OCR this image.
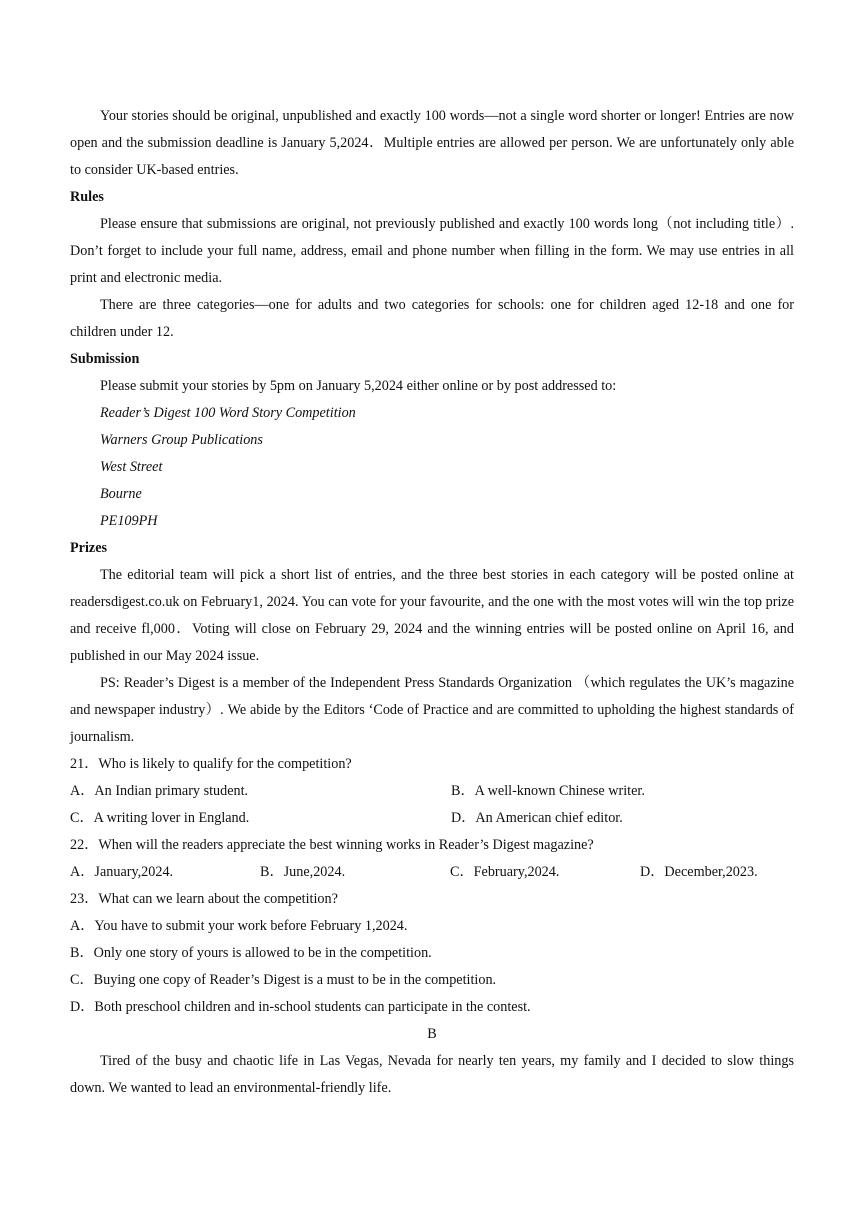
Your stories should be original, unpublished and exactly 100 words—not a single word shorter or longer! Entries are now open and the submission deadline is January 5,2024．Multiple entries are allowed per person. We are unfortunately only able to consider UK-based entries.

Rules

Please ensure that submissions are original, not previously published and exactly 100 words long（not including title）. Don’t forget to include your full name, address, email and phone number when filling in the form. We may use entries in all print and electronic media.

There are three categories—one for adults and two categories for schools: one for children aged 12-18 and one for children under 12.

Submission

Please submit your stories by 5pm on January 5,2024 either online or by post addressed to:

Reader’s Digest 100 Word Story Competition
Warners Group Publications
West Street
Bourne
PE109PH

Prizes

The editorial team will pick a short list of entries, and the three best stories in each category will be posted online at readersdigest.co.uk on February1, 2024. You can vote for your favourite, and the one with the most votes will win the top prize and receive fl,000．Voting will close on February 29, 2024 and the winning entries will be posted online on April 16, and published in our May 2024 issue.

PS: Reader’s Digest is a member of the Independent Press Standards Organization （which regulates the UK’s magazine and newspaper industry）. We abide by the Editors ‘Code of Practice and are committed to upholding the highest standards of journalism.

21．Who is likely to qualify for the competition?
A．An Indian primary student.	B．A well-known Chinese writer.
C．A writing lover in England.	D．An American chief editor.
22．When will the readers appreciate the best winning works in Reader’s Digest magazine?
A．January,2024.	B．June,2024.	C．February,2024.	D．December,2023.
23．What can we learn about the competition?
A．You have to submit your work before February 1,2024.
B．Only one story of yours is allowed to be in the competition.
C．Buying one copy of Reader’s Digest is a must to be in the competition.
D．Both preschool children and in-school students can participate in the contest.
B

Tired of the busy and chaotic life in Las Vegas, Nevada for nearly ten years, my family and I decided to slow things down. We wanted to lead an environmental-friendly life.
